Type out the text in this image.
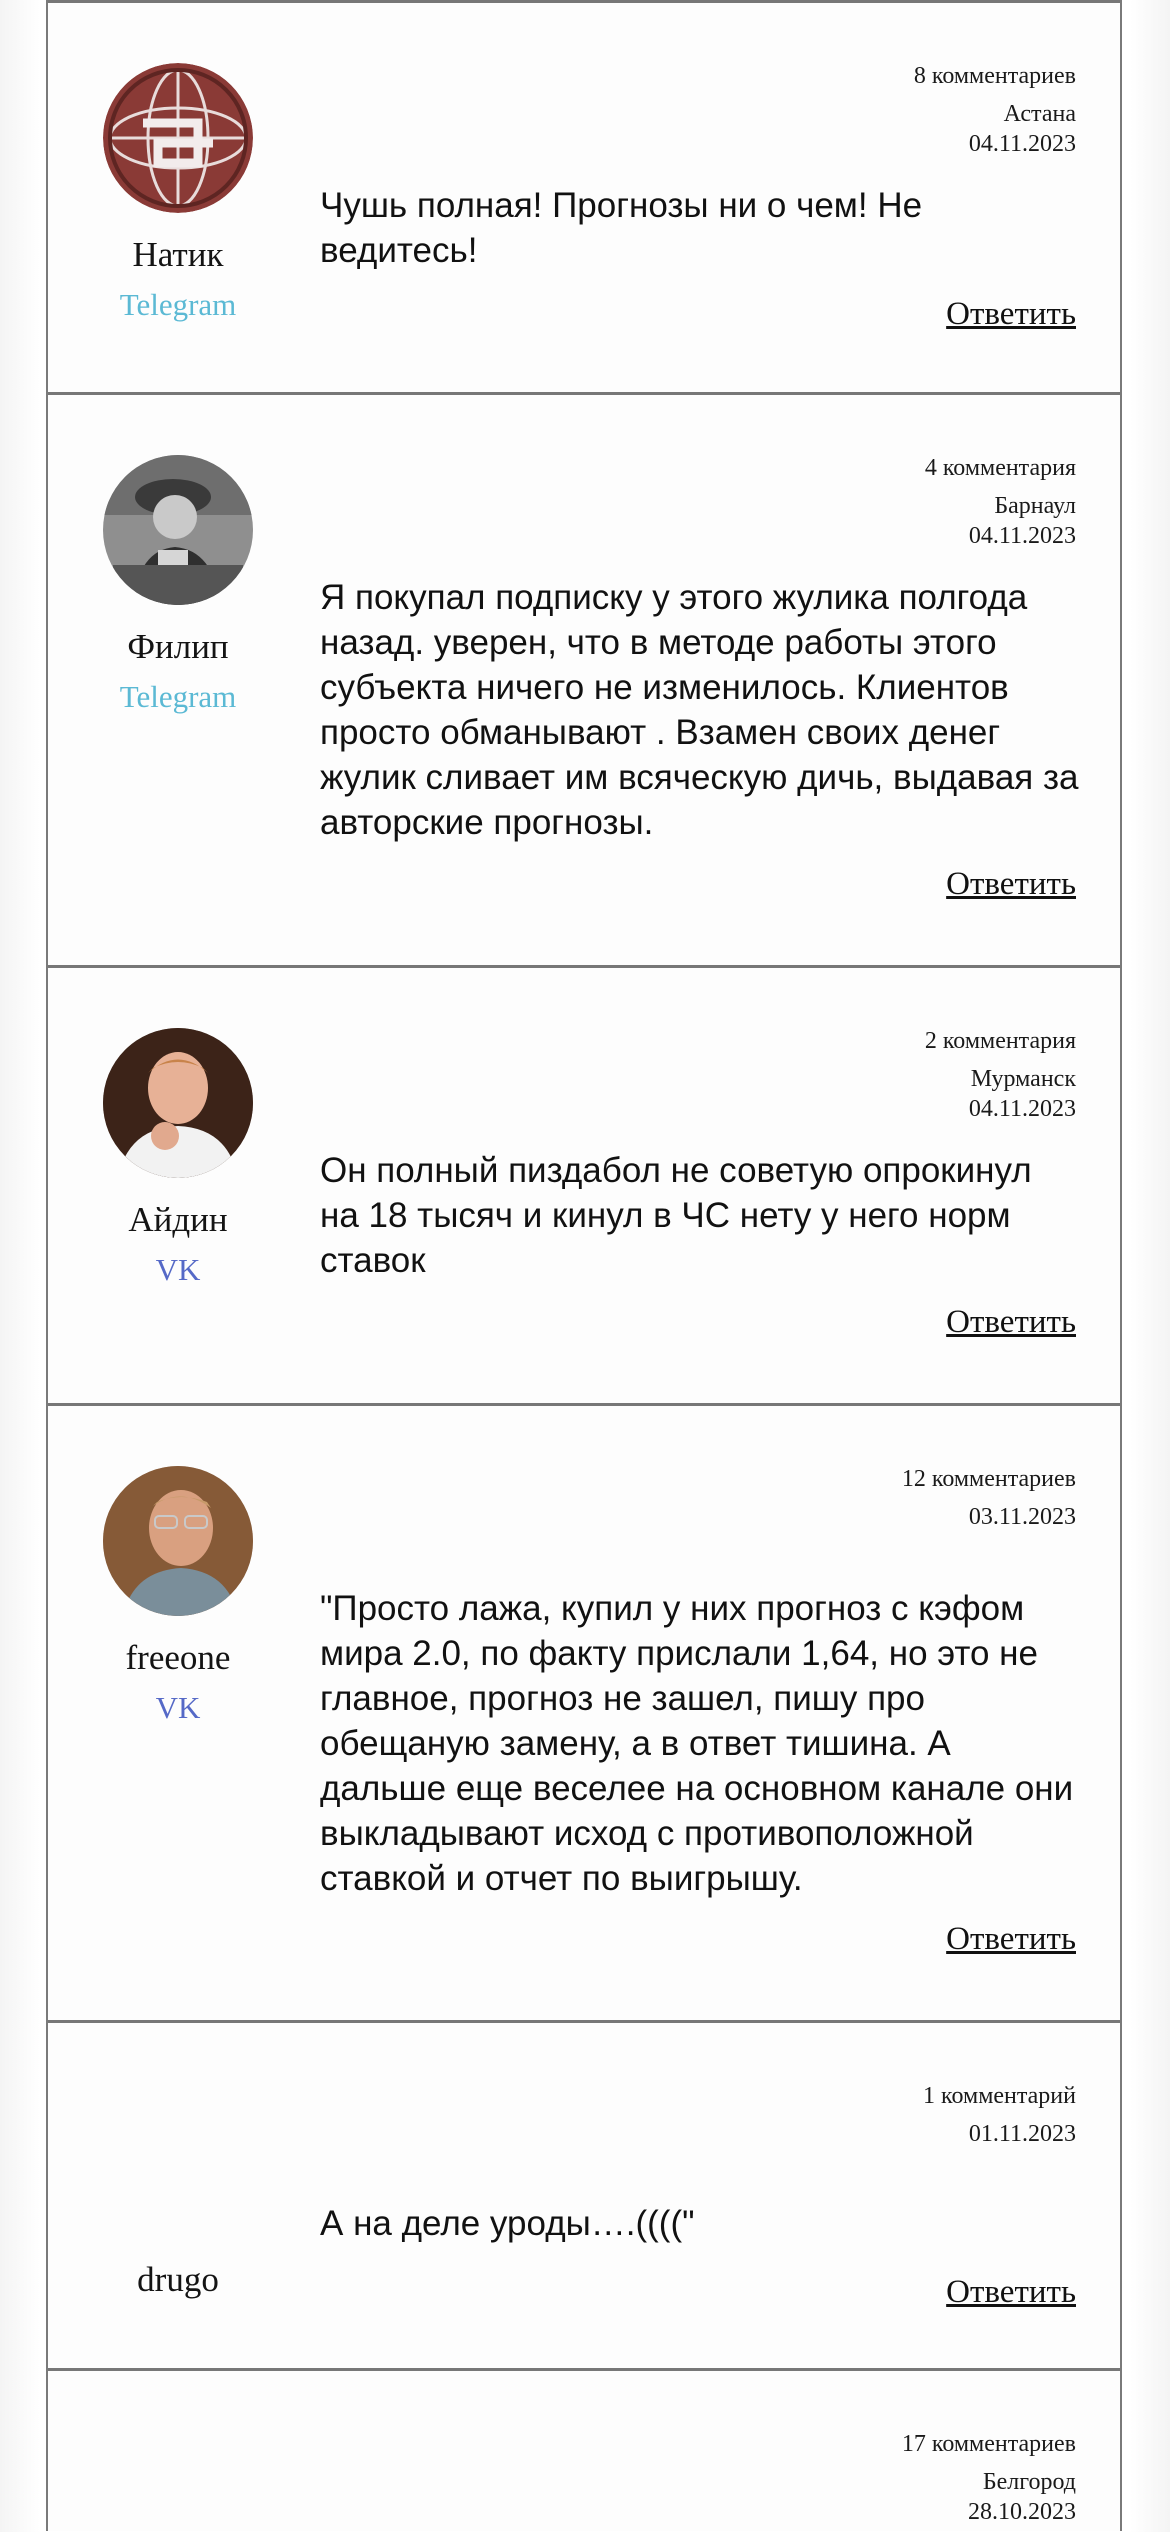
Натик
Telegram
8 комментариев
Астана
04.11.2023
Чушь полная! Прогнозы ни о чем! Не ведитесь!
Ответить
Филип
Telegram
4 комментария
Барнаул
04.11.2023
Я покупал подписку у этого жулика полгода назад. уверен, что в методе работы этого субъекта ничего не изменилось. Клиентов просто обманывают . Взамен своих денег жулик сливает им всяческую дичь, выдавая за авторские прогнозы.
Ответить
Айдин
VK
2 комментария
Мурманск
04.11.2023
Он полный пиздабол не советую опрокинул на 18 тысяч и кинул в ЧС нету у него норм ставок
Ответить
freeone
VK
12 комментариев
03.11.2023
"Просто лажа, купил у них прогноз с кэфом мира 2.0, по факту прислали 1,64, но это не главное, прогноз не зашел, пишу про обещаную замену, а в ответ тишина. А дальше еще веселее на основном канале они выкладывают исход с противоположной ставкой и отчет по выигрышу.
Ответить
drugo
1 комментарий
01.11.2023
А на деле уроды….(((("
Ответить
17 комментариев
Белгород
28.10.2023
